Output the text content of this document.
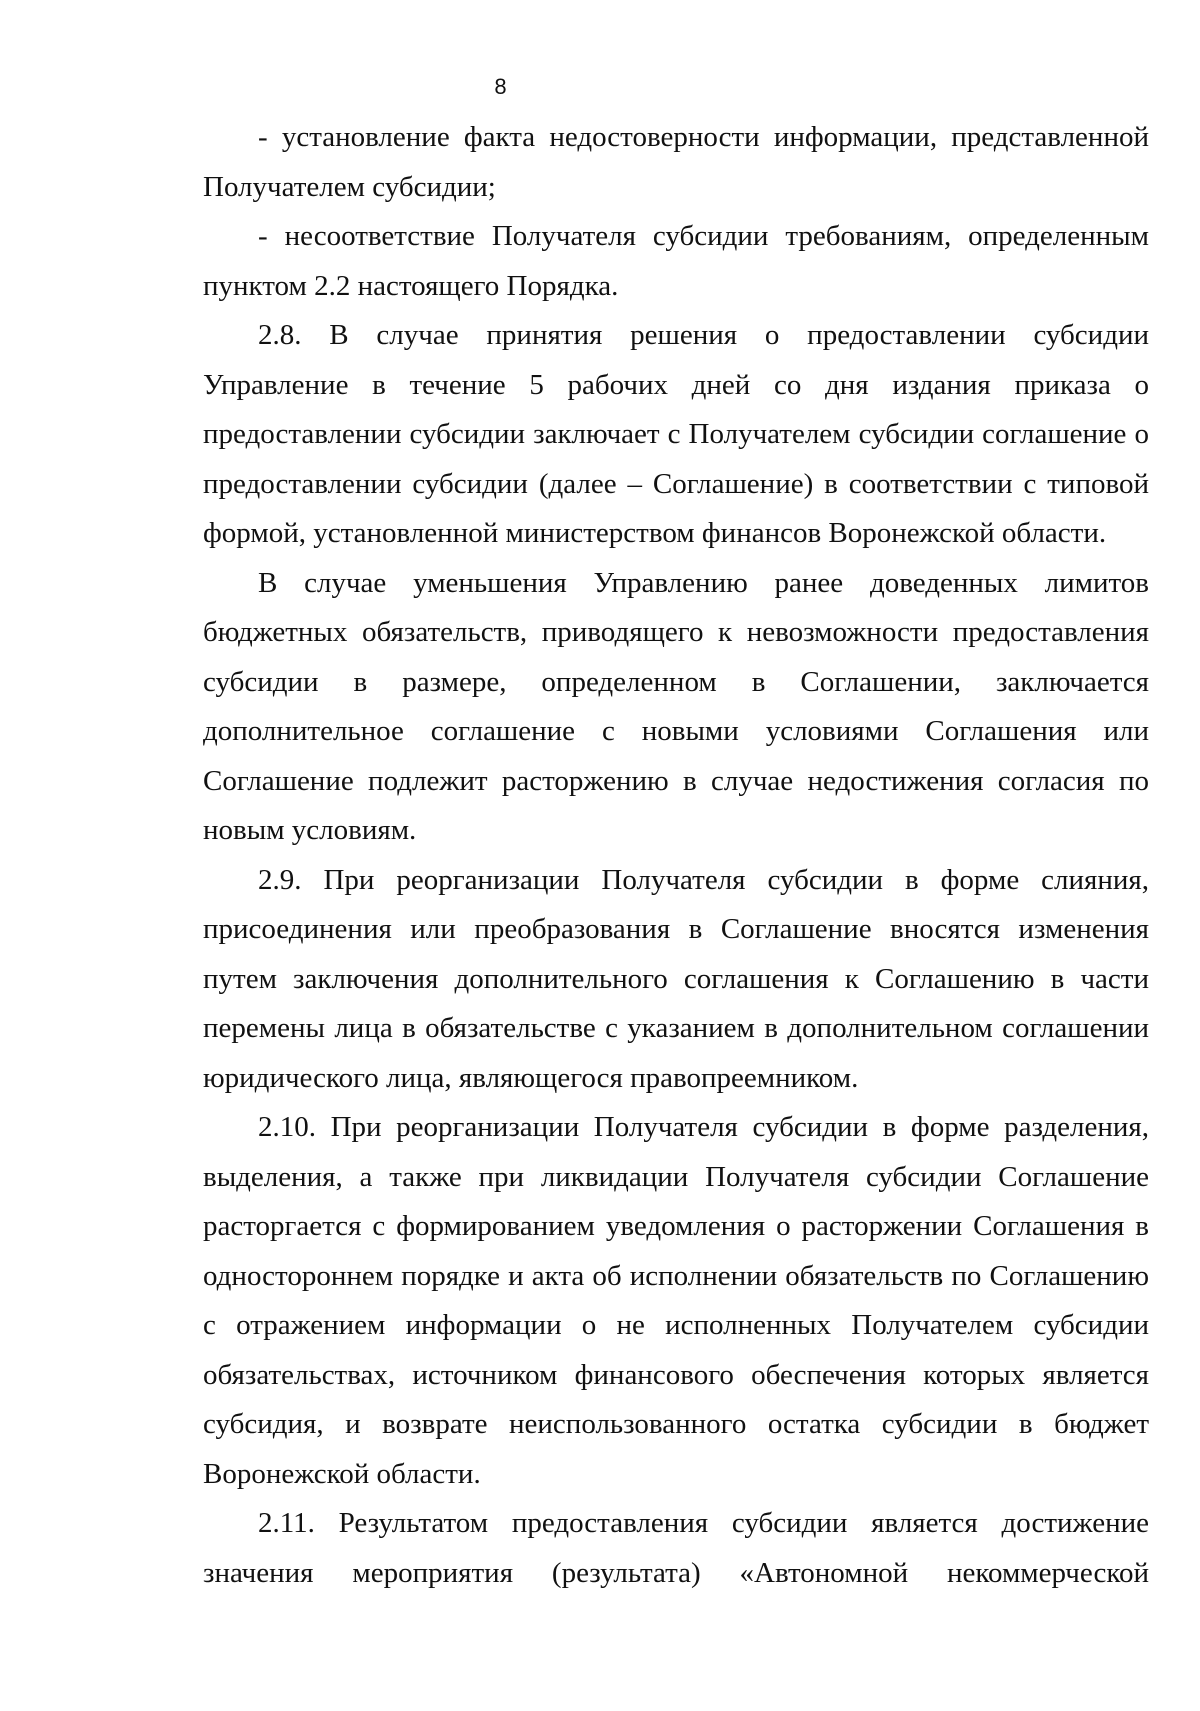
8

- установление факта недостоверности информации, представленной Получателем субсидии;

- несоответствие Получателя субсидии требованиям, определенным пунктом 2.2 настоящего Порядка.

2.8. В случае принятия решения о предоставлении субсидии Управление в течение 5 рабочих дней со дня издания приказа о предоставлении субсидии заключает с Получателем субсидии соглашение о предоставлении субсидии (далее – Соглашение) в соответствии с типовой формой, установленной министерством финансов Воронежской области.

В случае уменьшения Управлению ранее доведенных лимитов бюджетных обязательств, приводящего к невозможности предоставления субсидии в размере, определенном в Соглашении, заключается дополнительное соглашение с новыми условиями Соглашения или Соглашение подлежит расторжению в случае недостижения согласия по новым условиям.

2.9. При реорганизации Получателя субсидии в форме слияния, присоединения или преобразования в Соглашение вносятся изменения путем заключения дополнительного соглашения к Соглашению в части перемены лица в обязательстве с указанием в дополнительном соглашении юридического лица, являющегося правопреемником.

2.10. При реорганизации Получателя субсидии в форме разделения, выделения, а также при ликвидации Получателя субсидии Соглашение расторгается с формированием уведомления о расторжении Соглашения в одностороннем порядке и акта об исполнении обязательств по Соглашению с отражением информации о не исполненных Получателем субсидии обязательствах, источником финансового обеспечения которых является субсидия, и возврате неиспользованного остатка субсидии в бюджет Воронежской области.

2.11. Результатом предоставления субсидии является достижение значения мероприятия (результата) «Автономной некоммерческой
